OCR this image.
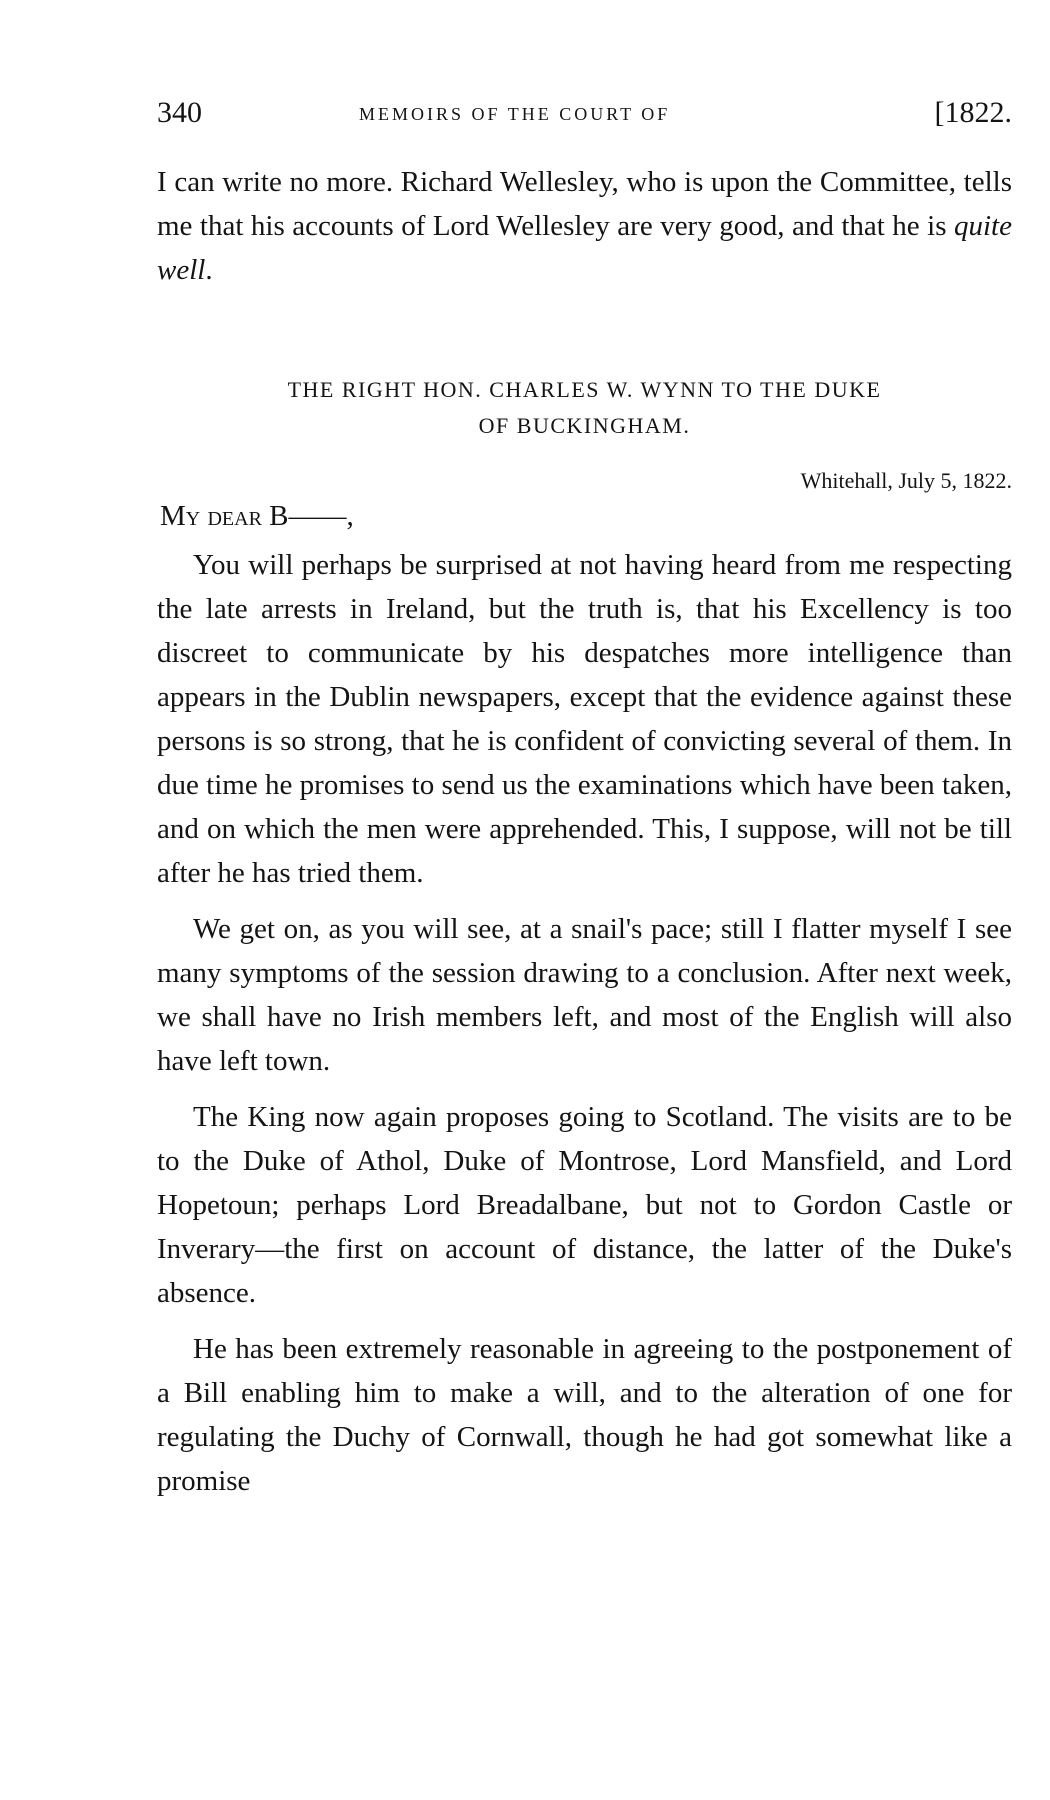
340	MEMOIRS OF THE COURT OF	[1822.
I can write no more. Richard Wellesley, who is upon the Committee, tells me that his accounts of Lord Wellesley are very good, and that he is quite well.
THE RIGHT HON. CHARLES W. WYNN TO THE DUKE
OF BUCKINGHAM.
Whitehall, July 5, 1822.
My dear B——,

You will perhaps be surprised at not having heard from me respecting the late arrests in Ireland, but the truth is, that his Excellency is too discreet to communicate by his despatches more intelligence than appears in the Dublin newspapers, except that the evidence against these persons is so strong, that he is confident of convicting several of them. In due time he promises to send us the examinations which have been taken, and on which the men were apprehended. This, I suppose, will not be till after he has tried them.

We get on, as you will see, at a snail's pace; still I flatter myself I see many symptoms of the session drawing to a conclusion. After next week, we shall have no Irish members left, and most of the English will also have left town.

The King now again proposes going to Scotland. The visits are to be to the Duke of Athol, Duke of Montrose, Lord Mansfield, and Lord Hopetoun; perhaps Lord Breadalbane, but not to Gordon Castle or Inverary—the first on account of distance, the latter of the Duke's absence.

He has been extremely reasonable in agreeing to the postponement of a Bill enabling him to make a will, and to the alteration of one for regulating the Duchy of Cornwall, though he had got somewhat like a promise
